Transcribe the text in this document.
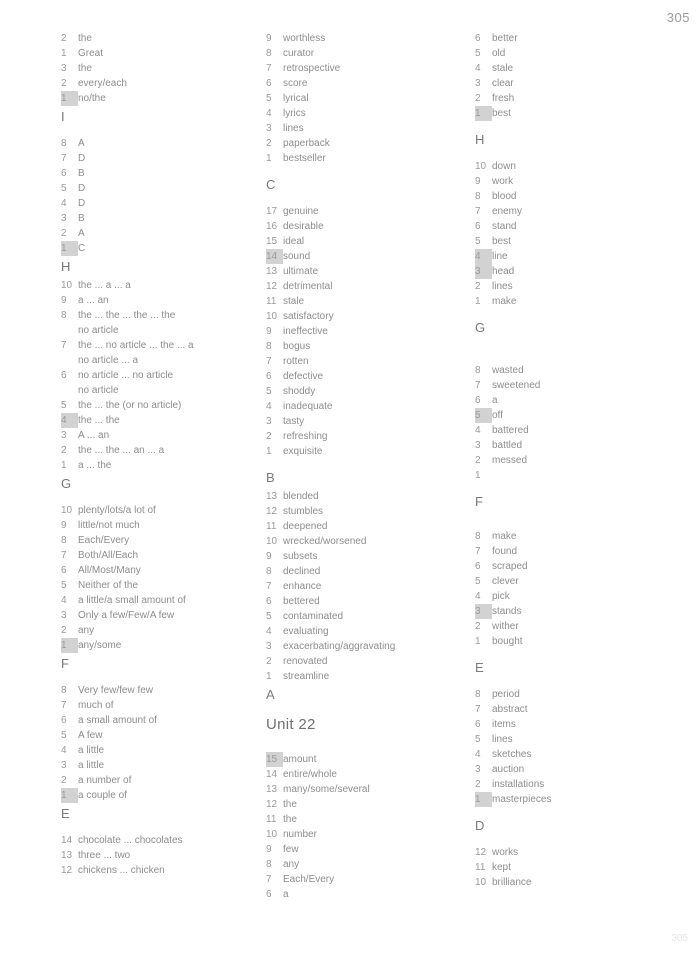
305
2 the
1 Great
3 the
2 every/each
1 no/the
I
8 A
7 D
6 B
5 D
4 D
3 B
2 A
1 C
H
10 the ... a ... a
9 a ... an
8 the ... the ... the ... the
no article
7 the ... no article ... the ... a
no article ... a
6 no article ... no article
no article
5 the ... the (or no article)
4 the ... the
3 A ... an
2 the ... the ... an ... a
1 a ... the
G
10 plenty/lots/a lot of
9 little/not much
8 Each/Every
7 Both/All/Each
6 All/Most/Many
5 Neither of the
4 a little/a small amount of
3 Only a few/Few/A few
2 any
1 any/some
F
8 Very few/few few
7 much of
6 a small amount of
5 A few
4 a little
3 a little
2 a number of
1 a couple of
E
14 chocolate ... chocolates
13 three ... two
12 chickens ... chicken
9 worthless
8 curator
7 retrospective
6 score
5 lyrical
4 lyrics
3 lines
2 paperback
1 bestseller
C
17 genuine
16 desirable
15 ideal
14 sound
13 ultimate
12 detrimental
11 stale
10 satisfactory
9 ineffective
8 bogus
7 rotten
6 defective
5 shoddy
4 inadequate
3 tasty
2 refreshing
1 exquisite
B
13 blended
12 stumbles
11 deepened
10 wrecked/worsened
9 subsets
8 declined
7 enhance
6 bettered
5 contaminated
4 evaluating
3 exacerbating/aggravating
2 renovated
1 streamline
A
Unit 22
15 amount
14 entire/whole
13 many/some/several
12 the
11 the
10 number
9 few
8 any
7 Each/Every
6 a
6 better
5 old
4 stale
3 clear
2 fresh
1 best
H
10 down
9 work
8 blood
7 enemy
6 stand
5 best
4 line
3 head
2 lines
1 make
G
8 wasted
7 sweetened
6 a
5 off
4 battered
3 battled
2 messed
1
F
8 make
7 found
6 scraped
5 clever
4 pick
3 stands
2 wither
1 bought
E
8 period
7 abstract
6 items
5 lines
4 sketches
3 auction
2 installations
1 masterpieces
D
12 works
11 kept
10 brilliance
305
